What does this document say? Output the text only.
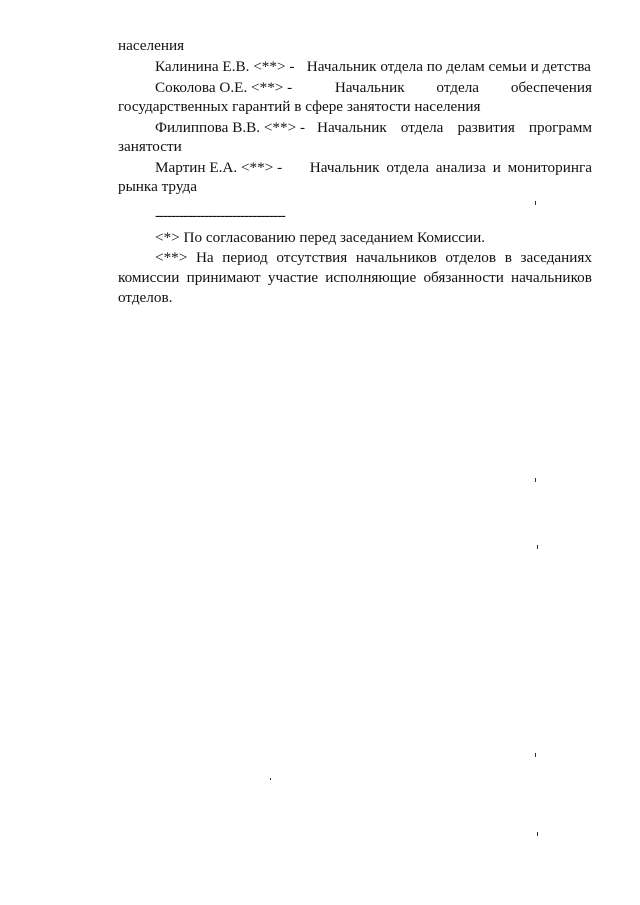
населения
Калинина Е.В. <**> - Начальник отдела по делам семьи и детства
Соколова О.Е. <**> -	Начальник отдела обеспечения
государственных гарантий в сфере занятости населения
Филиппова В.В. <**> - Начальник отдела развития программ
занятости
Мартин Е.А. <**> -	Начальник отдела анализа и мониторинга
рынка труда
--------------------------------
<*> По согласованию перед заседанием Комиссии.
<**> На период отсутствия начальников отделов в заседаниях
комиссии принимают участие исполняющие обязанности начальников
отделов.
